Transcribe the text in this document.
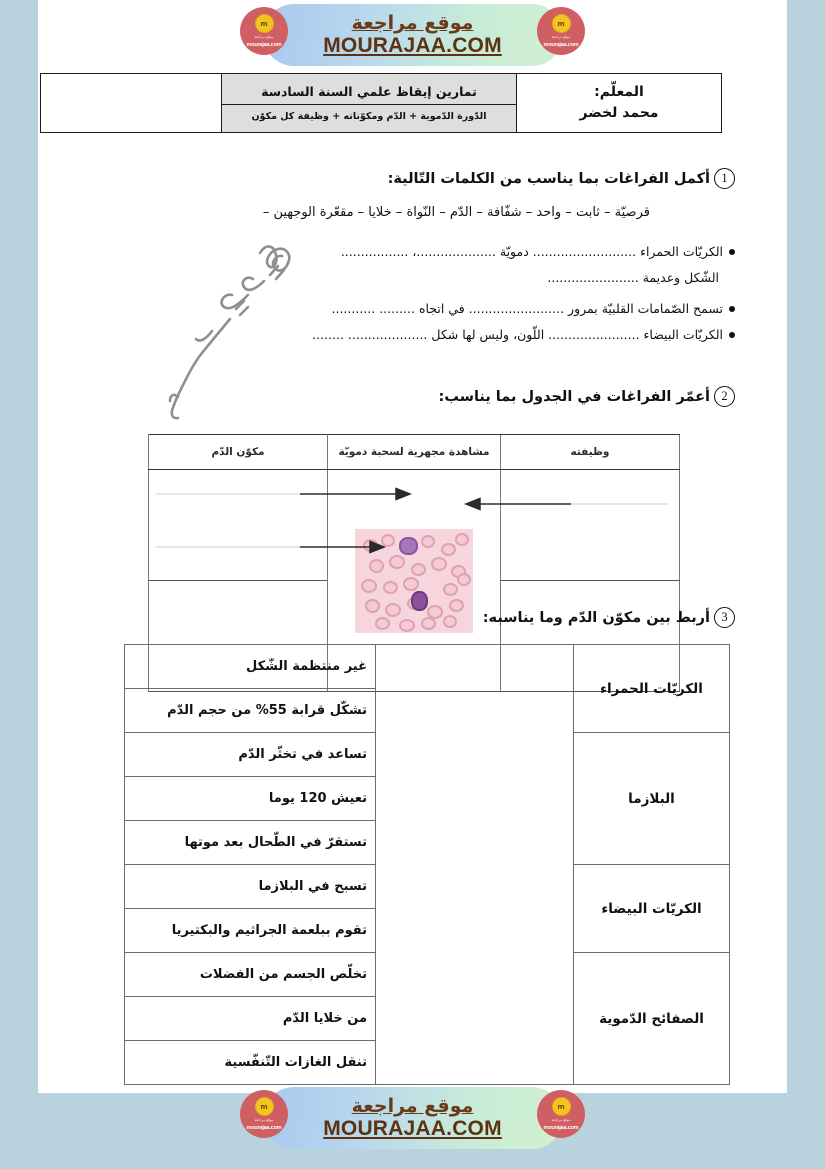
موقع مراجعة
MOURAJAA.COM
m
موقع مراجعة
mourajaa.com
m
موقع مراجعة
mourajaa.com
المعلّم:
محمد لخضر

تمارين إيقاظ علمي السنة السادسة
الدّورة الدّموية + الدّم ومكوّناته + وظيفة كل مكوّن

1
أكمل الفراغات بما يناسب من الكلمات التّالية:
قرصيّة – ثابت – واحد – شفّافة – الدّم – النّواة – خلايا – مقعّرة الوجهين –
الكريّات الحمراء .......................... دمويّة ....................، .................
الشّكل وعديمة .......................
تسمح الصّمامات القلبيّة بمرور ........................ في اتجاه ......... ...........
الكريّات البيضاء ....................... اللّون، وليس لها شكل .................... ........
2
أعمّر الفراغات في الجدول بما يناسب:
وظيفته	مشاهدة مجهرية لسحبة دمويّة	مكوّن الدّم

3
أربط بين مكوّن الدّم وما يناسبه:
الكريّات الحمراء		غير منتظمة الشّكل
		تشكّل قرابة 55% من حجم الدّم
البلازما		تساعد في تخثّر الدّم
		تعيش 120 يوما
		تستقرّ في الطّحال بعد موتها
الكريّات البيضاء		تسبح في البلازما
		تقوم ببلعمة الجراثيم والبكتيريا
الصفائح الدّموية		تخلّص الجسم من الفضلات
		من خلايا الدّم
		تنقل الغازات التّنفّسية
موقع مراجعة
MOURAJAA.COM
m
موقع مراجعة
mourajaa.com
m
موقع مراجعة
mourajaa.com
